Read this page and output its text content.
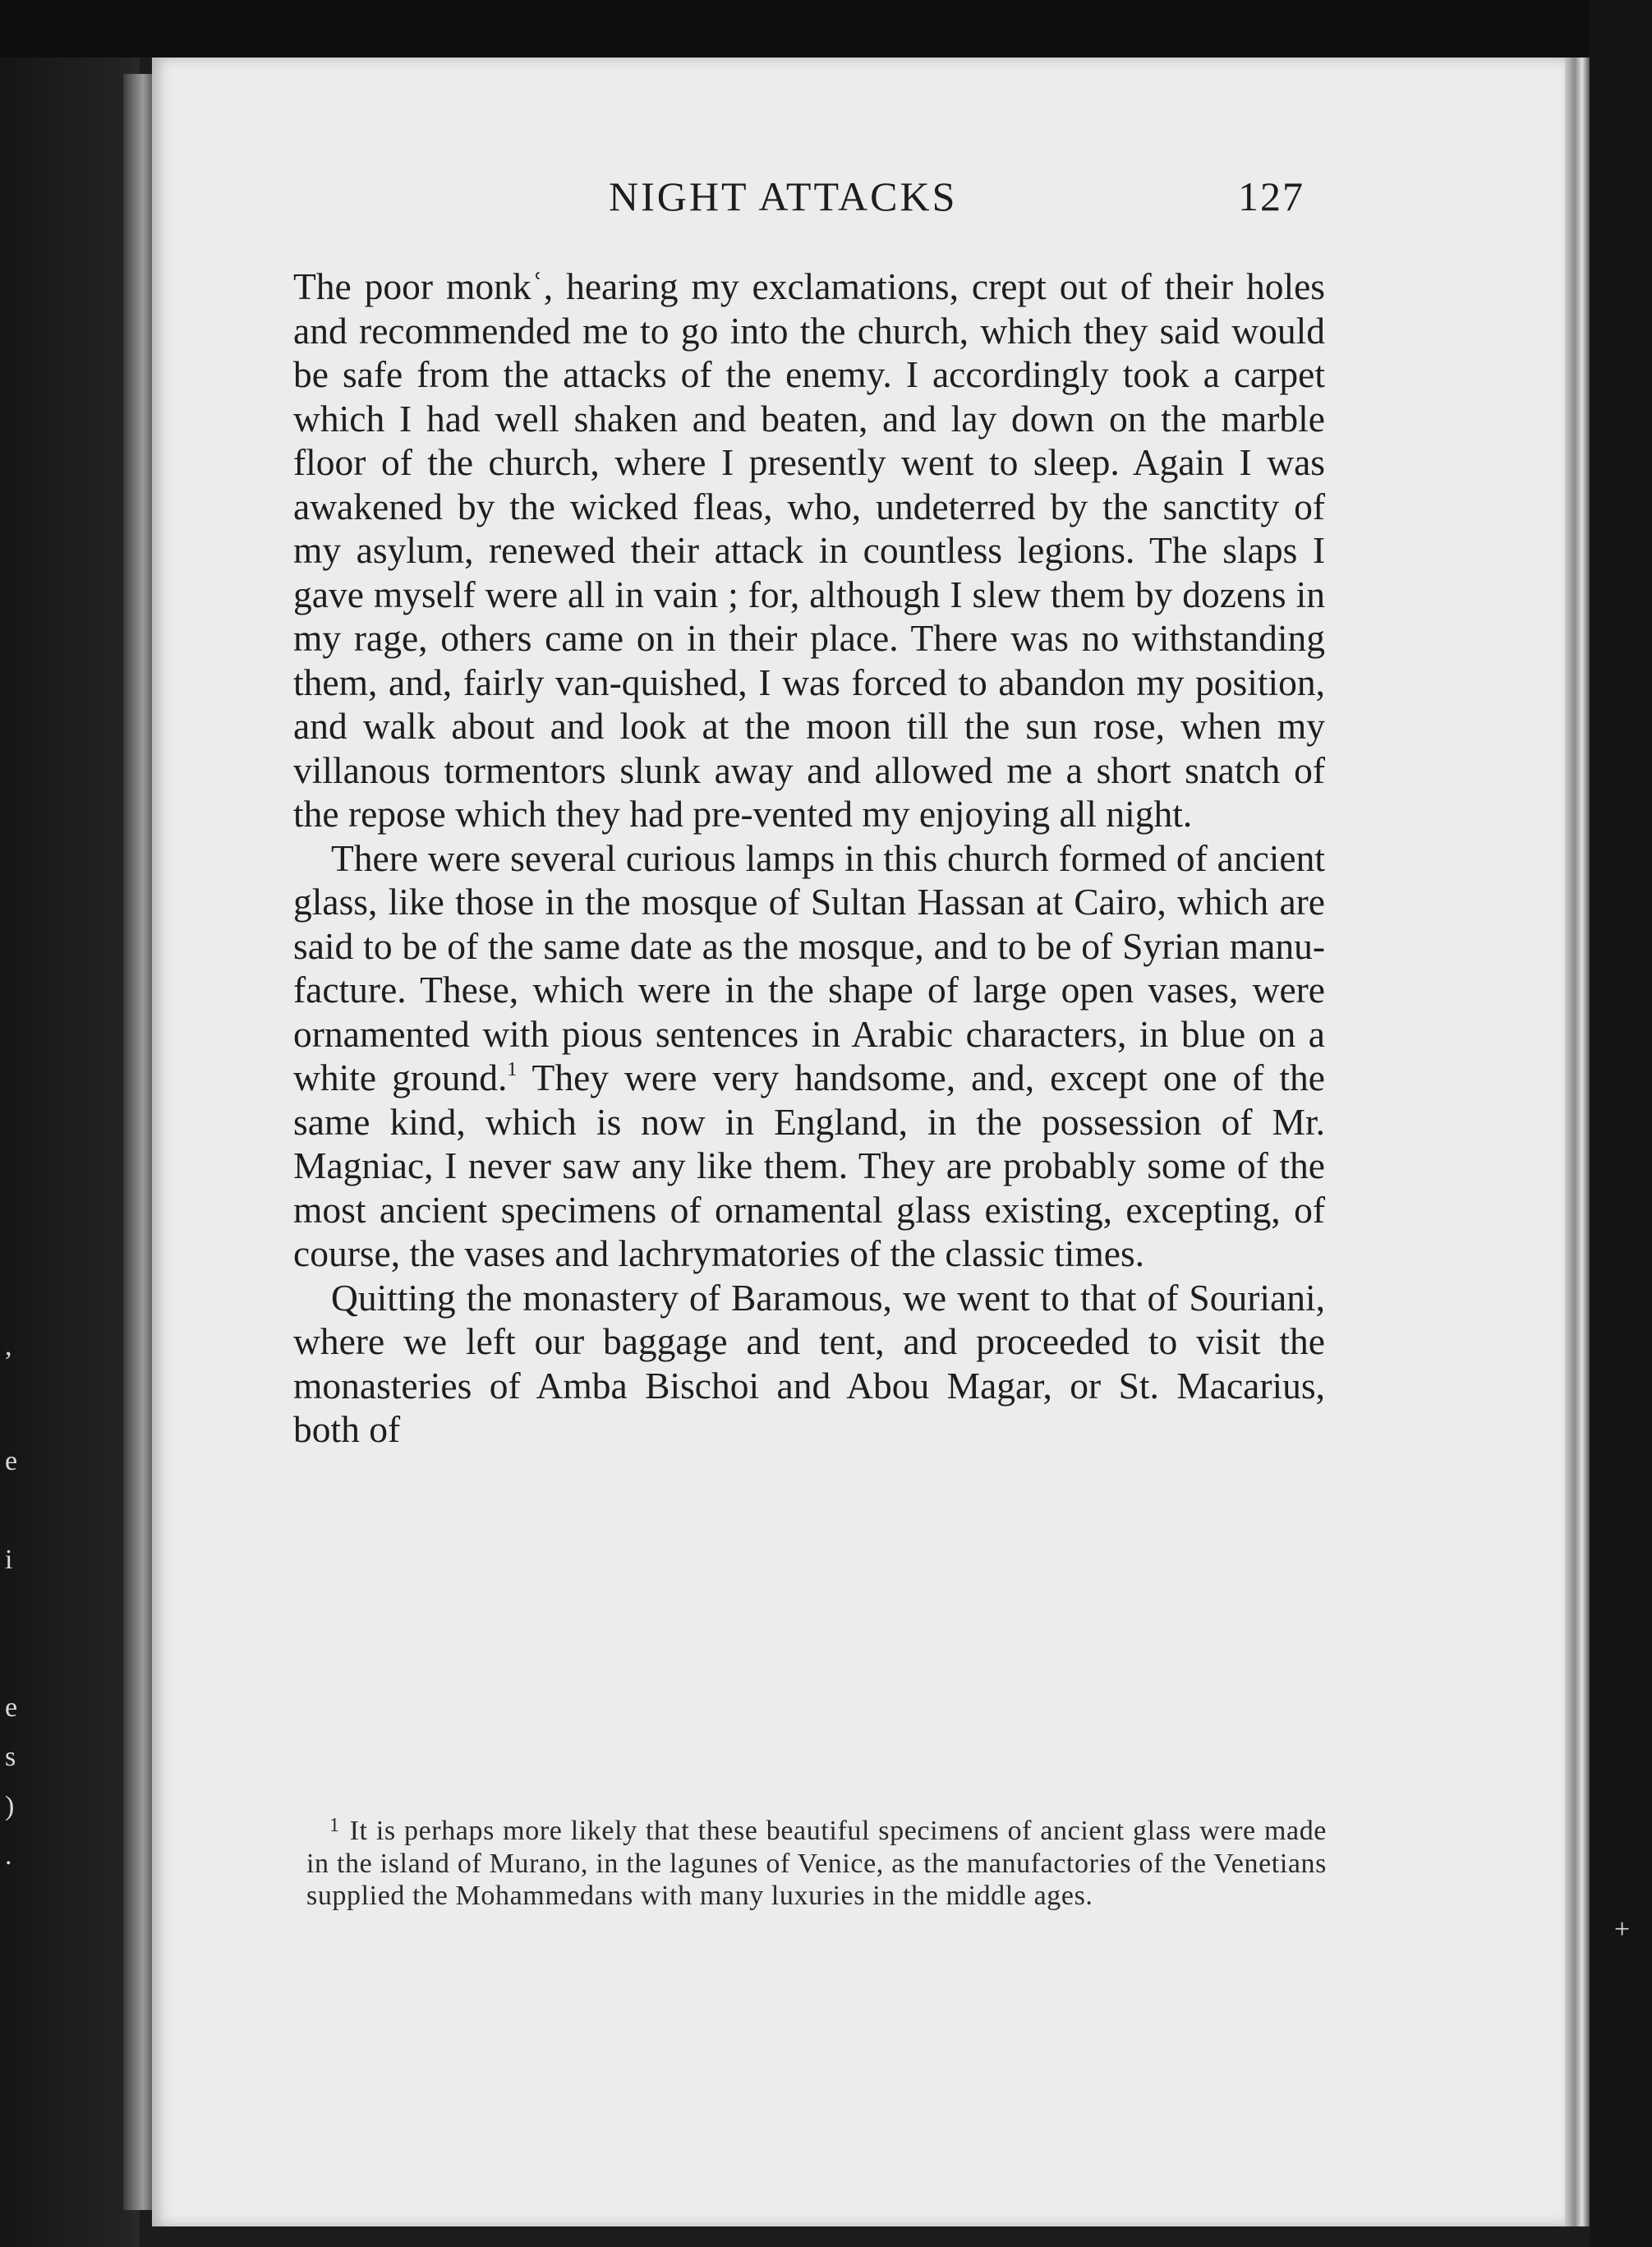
,
e
i
e
s
)
.
+
NIGHT ATTACKS	127

The poor monkʿ, hearing my exclamations, crept out of their holes and recommended me to go into the church, which they said would be safe from the attacks of the enemy. I accordingly took a carpet which I had well shaken and beaten, and lay down on the marble floor of the church, where I presently went to sleep. Again I was awakened by the wicked fleas, who, undeterred by the sanctity of my asylum, renewed their attack in countless legions. The slaps I gave myself were all in vain ; for, although I slew them by dozens in my rage, others came on in their place. There was no withstanding them, and, fairly van-quished, I was forced to abandon my position, and walk about and look at the moon till the sun rose, when my villanous tormentors slunk away and allowed me a short snatch of the repose which they had pre-vented my enjoying all night.

There were several curious lamps in this church formed of ancient glass, like those in the mosque of Sultan Hassan at Cairo, which are said to be of the same date as the mosque, and to be of Syrian manu-facture. These, which were in the shape of large open vases, were ornamented with pious sentences in Arabic characters, in blue on a white ground.$^1$ They were very handsome, and, except one of the same kind, which is now in England, in the possession of Mr. Magniac, I never saw any like them. They are probably some of the most ancient specimens of ornamental glass existing, excepting, of course, the vases and lachrymatories of the classic times.

Quitting the monastery of Baramous, we went to that of Souriani, where we left our baggage and tent, and proceeded to visit the monasteries of Amba Bischoi and Abou Magar, or St. Macarius, both of

$^1$ It is perhaps more likely that these beautiful specimens of ancient glass were made in the island of Murano, in the lagunes of Venice, as the manufactories of the Venetians supplied the Mohammedans with many luxuries in the middle ages.
